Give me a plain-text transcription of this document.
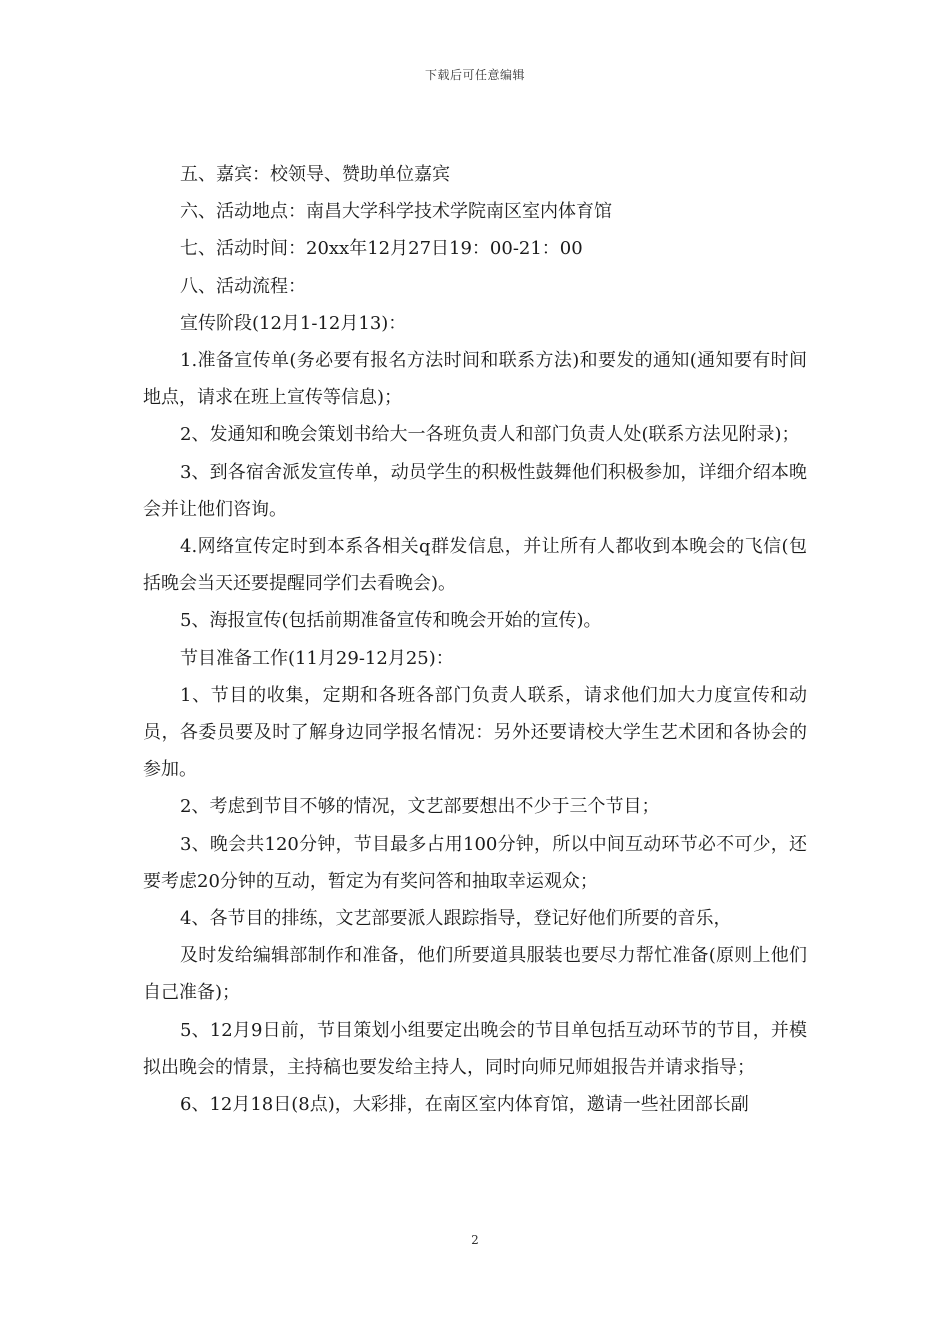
下载后可任意编辑

五、嘉宾：校领导、赞助单位嘉宾

六、活动地点：南昌大学科学技术学院南区室内体育馆

七、活动时间：20xx年12月27日19：00-21：00

八、活动流程：

宣传阶段(12月1-12月13)：

1.准备宣传单(务必要有报名方法时间和联系方法)和要发的通知(通知要有时间地点，请求在班上宣传等信息)；

2、发通知和晚会策划书给大一各班负责人和部门负责人处(联系方法见附录)；

3、到各宿舍派发宣传单，动员学生的积极性鼓舞他们积极参加，详细介绍本晚会并让他们咨询。

4.网络宣传定时到本系各相关q群发信息，并让所有人都收到本晚会的飞信(包括晚会当天还要提醒同学们去看晚会)。

5、海报宣传(包括前期准备宣传和晚会开始的宣传)。

节目准备工作(11月29-12月25)：

1、节目的收集，定期和各班各部门负责人联系，请求他们加大力度宣传和动员，各委员要及时了解身边同学报名情况：另外还要请校大学生艺术团和各协会的参加。

2、考虑到节目不够的情况，文艺部要想出不少于三个节目；

3、晚会共120分钟，节目最多占用100分钟，所以中间互动环节必不可少，还要考虑20分钟的互动，暂定为有奖问答和抽取幸运观众；

4、各节目的排练，文艺部要派人跟踪指导，登记好他们所要的音乐，

及时发给编辑部制作和准备，他们所要道具服装也要尽力帮忙准备(原则上他们自己准备)；

5、12月9日前，节目策划小组要定出晚会的节目单包括互动环节的节目，并模拟出晚会的情景，主持稿也要发给主持人，同时向师兄师姐报告并请求指导；

6、12月18日(8点)，大彩排，在南区室内体育馆，邀请一些社团部长副

2
